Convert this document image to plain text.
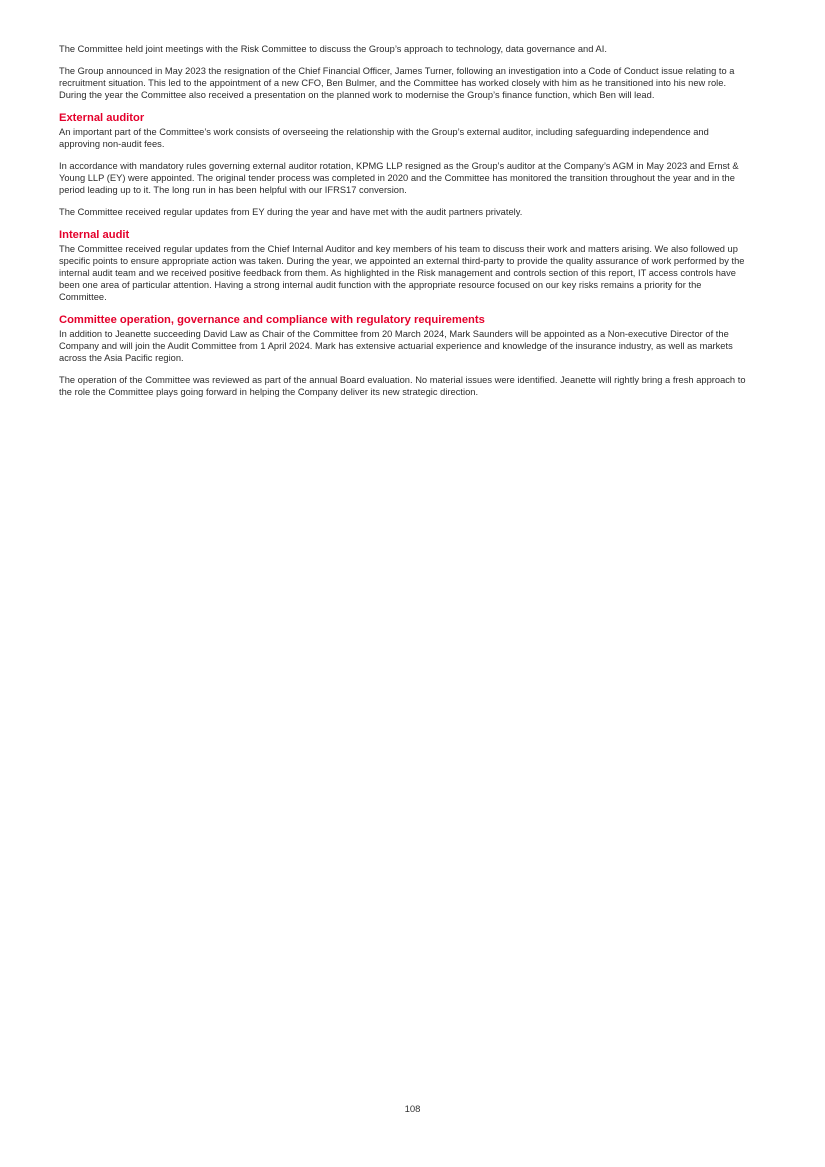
The Committee held joint meetings with the Risk Committee to discuss the Group’s approach to technology, data governance and AI.

The Group announced in May 2023 the resignation of the Chief Financial Officer, James Turner, following an investigation into a Code of Conduct issue relating to a recruitment situation. This led to the appointment of a new CFO, Ben Bulmer, and the Committee has worked closely with him as he transitioned into his new role. During the year the Committee also received a presentation on the planned work to modernise the Group’s finance function, which Ben will lead.

External auditor

An important part of the Committee’s work consists of overseeing the relationship with the Group’s external auditor, including safeguarding independence and approving non-audit fees.

In accordance with mandatory rules governing external auditor rotation, KPMG LLP resigned as the Group’s auditor at the Company’s AGM in May 2023 and Ernst & Young LLP (EY) were appointed. The original tender process was completed in 2020 and the Committee has monitored the transition throughout the year and in the period leading up to it. The long run in has been helpful with our IFRS17 conversion.

The Committee received regular updates from EY during the year and have met with the audit partners privately.

Internal audit

The Committee received regular updates from the Chief Internal Auditor and key members of his team to discuss their work and matters arising. We also followed up specific points to ensure appropriate action was taken. During the year, we appointed an external third-party to provide the quality assurance of work performed by the internal audit team and we received positive feedback from them. As highlighted in the Risk management and controls section of this report, IT access controls have been one area of particular attention. Having a strong internal audit function with the appropriate resource focused on our key risks remains a priority for the Committee.

Committee operation, governance and compliance with regulatory requirements

In addition to Jeanette succeeding David Law as Chair of the Committee from 20 March 2024, Mark Saunders will be appointed as a Non-executive Director of the Company and will join the Audit Committee from 1 April 2024. Mark has extensive actuarial experience and knowledge of the insurance industry, as well as markets across the Asia Pacific region.

The operation of the Committee was reviewed as part of the annual Board evaluation. No material issues were identified. Jeanette will rightly bring a fresh approach to the role the Committee plays going forward in helping the Company deliver its new strategic direction.

108
